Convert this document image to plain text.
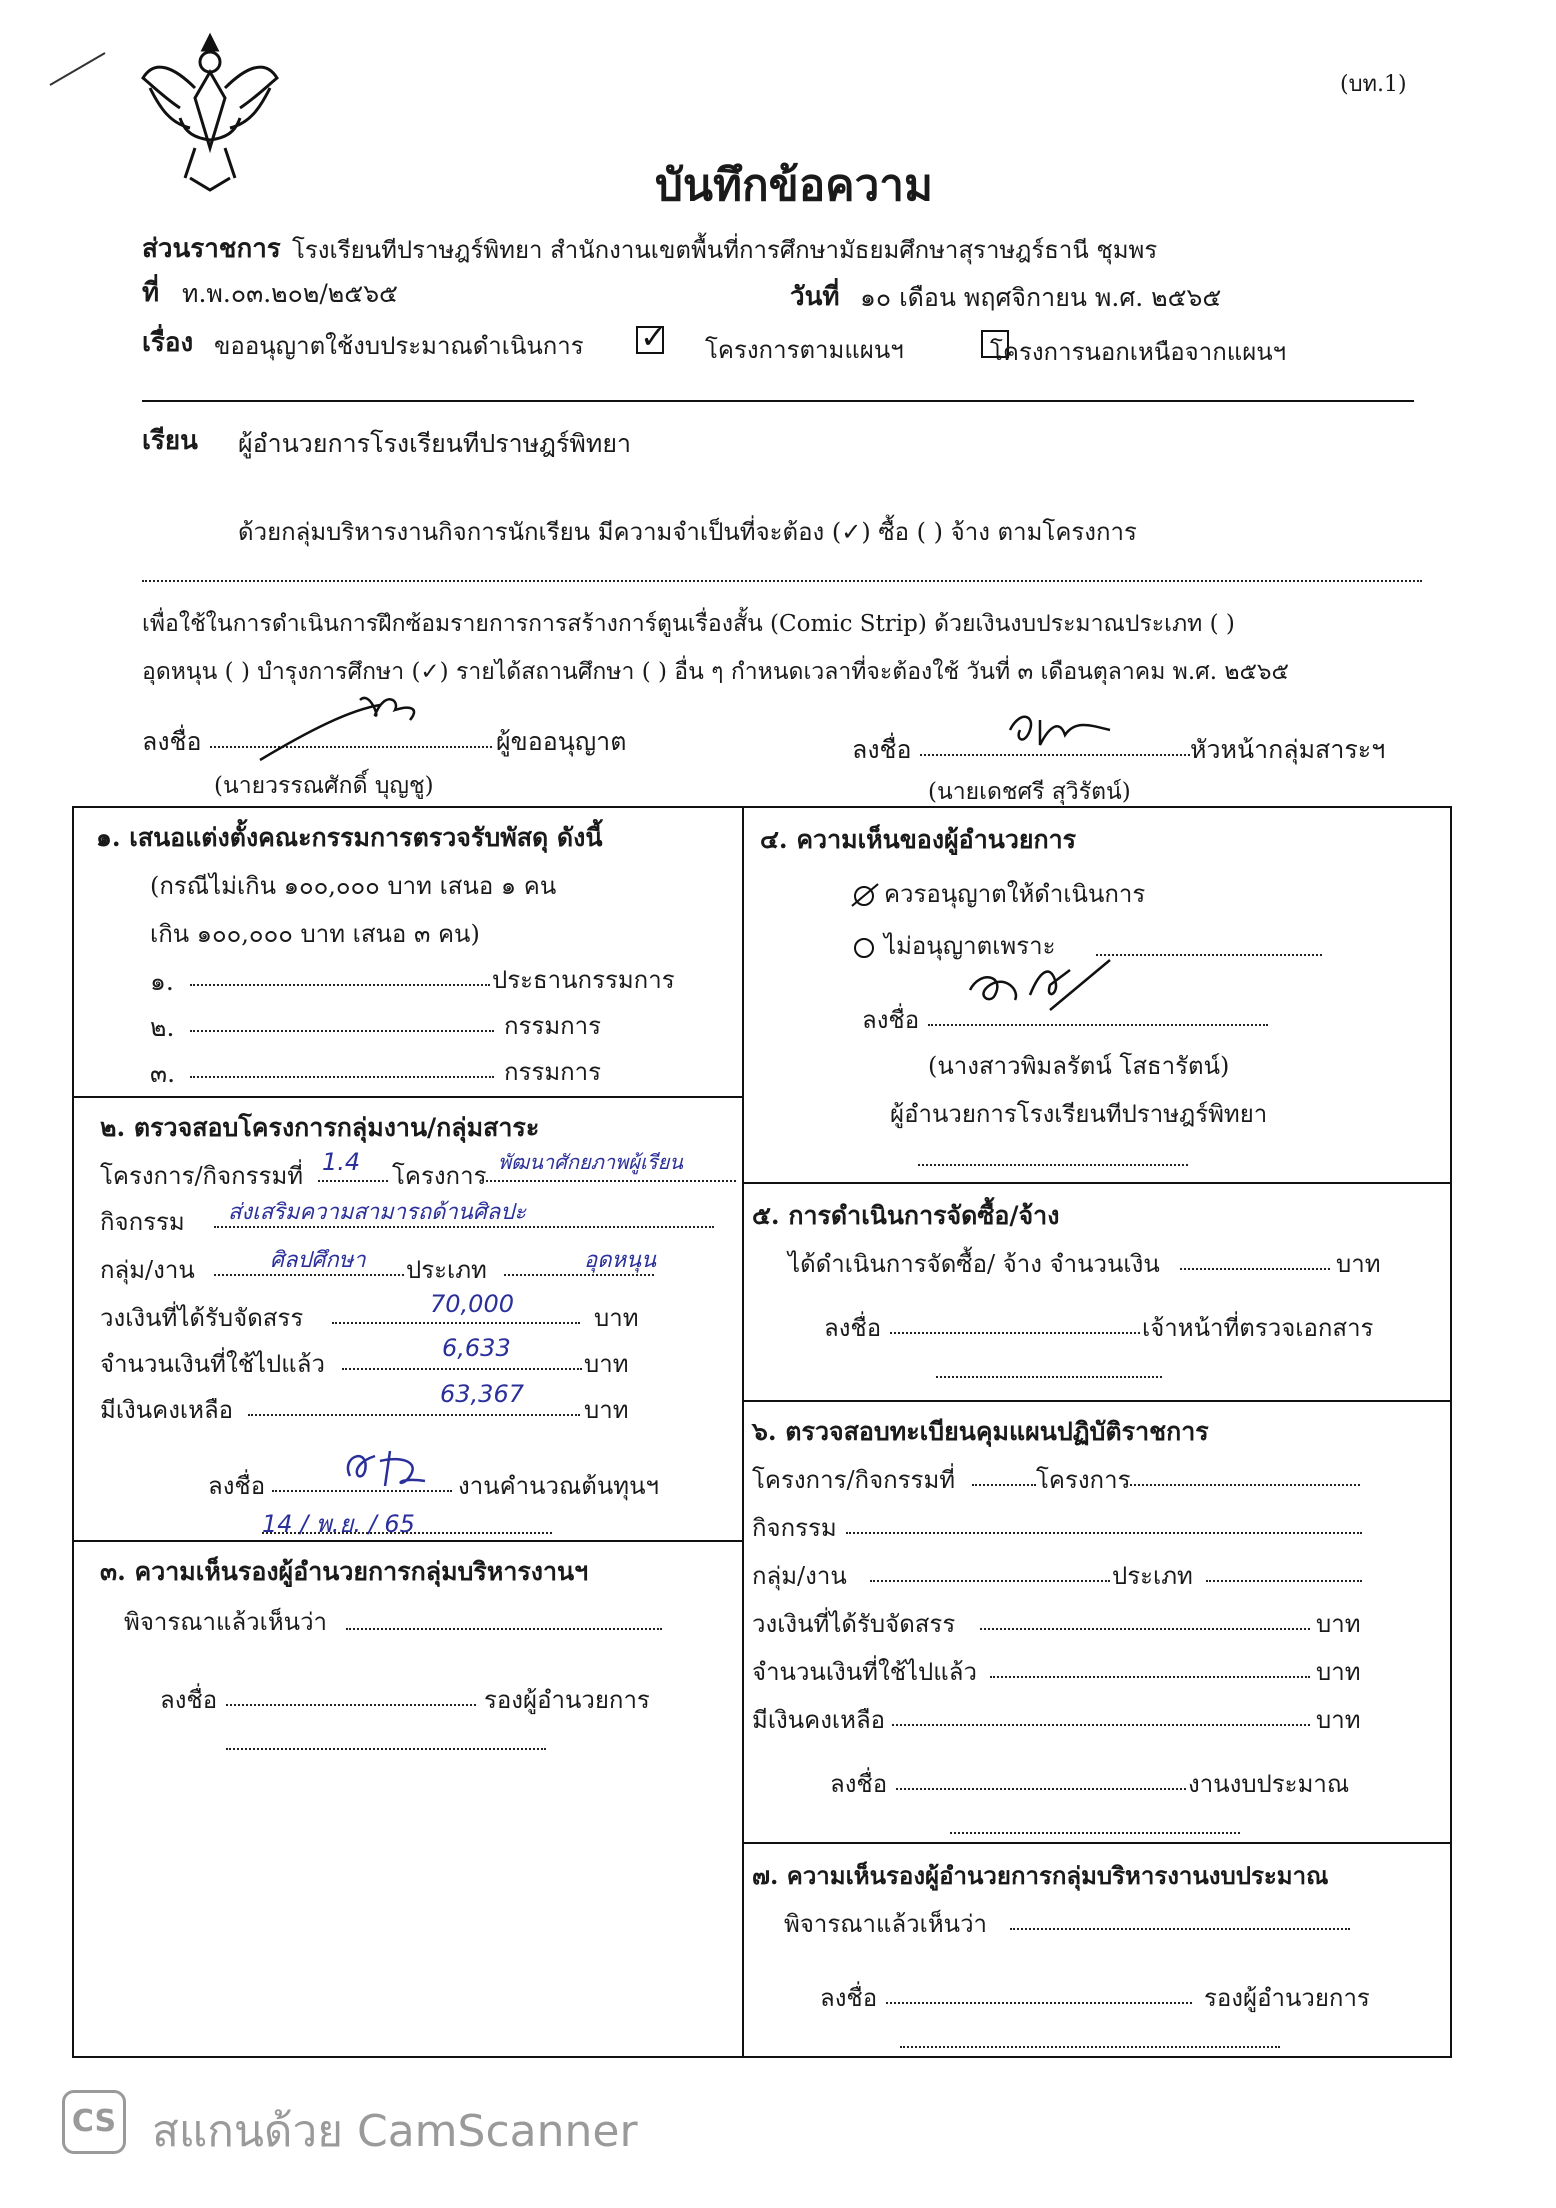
(บท.1)
บันทึกข้อความ
ส่วนราชการ โรงเรียนทีปราษฎร์พิทยา สำนักงานเขตพื้นที่การศึกษามัธยมศึกษาสุราษฎร์ธานี ชุมพร
ที่ ท.พ.๐๓.๒๐๒/๒๕๖๕	วันที่ ๑๐ เดือน พฤศจิกายน พ.ศ. ๒๕๖๕
เรื่อง ขออนุญาตใช้งบประมาณดำเนินการ
✓	โครงการตามแผนฯ	โครงการนอกเหนือจากแผนฯ
เรียน ผู้อำนวยการโรงเรียนทีปราษฎร์พิทยา
ด้วยกลุ่มบริหารงานกิจการนักเรียน มีความจำเป็นที่จะต้อง (✓) ซื้อ ( ) จ้าง ตามโครงการ
เพื่อใช้ในการดำเนินการฝึกซ้อมรายการการสร้างการ์ตูนเรื่องสั้น (Comic Strip) ด้วยเงินงบประมาณประเภท ( )
อุดหนุน ( ) บำรุงการศึกษา (✓) รายได้สถานศึกษา ( ) อื่น ๆ กำหนดเวลาที่จะต้องใช้ วันที่ ๓ เดือนตุลาคม พ.ศ. ๒๕๖๕
ลงชื่อ	ผู้ขออนุญาต
(นายวรรณศักดิ์ บุญชู)
ลงชื่อ	หัวหน้ากลุ่มสาระฯ
(นายเดชศรี สุวิรัตน์)
๑. เสนอแต่งตั้งคณะกรรมการตรวจรับพัสดุ ดังนี้
(กรณีไม่เกิน ๑๐๐,๐๐๐ บาท เสนอ ๑ คน
เกิน ๑๐๐,๐๐๐ บาท เสนอ ๓ คน)
๑.	ประธานกรรมการ
๒.	กรรมการ
๓.	กรรมการ
๒. ตรวจสอบโครงการกลุ่มงาน/กลุ่มสาระ
โครงการ/กิจกรรมที่ 1.4 โครงการ พัฒนาศักยภาพผู้เรียน
กิจกรรม ส่งเสริมความสามารถด้านศิลปะ
กลุ่ม/งาน	ศิลปศึกษา ประเภท	อุดหนุน
วงเงินที่ได้รับจัดสรร	70,000	บาท
จำนวนเงินที่ใช้ไปแล้ว
6,633
บาท
มีเงินคงเหลือ
63,367
บาท
ลงชื่อ	งานคำนวณต้นทุนฯ
14 / พ.ย. / 65
๓. ความเห็นรองผู้อำนวยการกลุ่มบริหารงานฯ
พิจารณาแล้วเห็นว่า
ลงชื่อ	รองผู้อำนวยการ
๔. ความเห็นของผู้อำนวยการ
ควรอนุญาตให้ดำเนินการ
ไม่อนุญาตเพราะ
ลงชื่อ
(นางสาวพิมลรัตน์ โสธารัตน์)
ผู้อำนวยการโรงเรียนทีปราษฎร์พิทยา
๕. การดำเนินการจัดซื้อ/จ้าง
ได้ดำเนินการจัดซื้อ/ จ้าง จำนวนเงิน	บาท
ลงชื่อ	เจ้าหน้าที่ตรวจเอกสาร
๖. ตรวจสอบทะเบียนคุมแผนปฏิบัติราชการ
โครงการ/กิจกรรมที่	โครงการ
กิจกรรม
กลุ่ม/งาน	ประเภท
วงเงินที่ได้รับจัดสรร	บาท
จำนวนเงินที่ใช้ไปแล้ว	บาท
มีเงินคงเหลือ	บาท
ลงชื่อ	งานงบประมาณ
๗. ความเห็นรองผู้อำนวยการกลุ่มบริหารงานงบประมาณ
พิจารณาแล้วเห็นว่า
ลงชื่อ	รองผู้อำนวยการ
CS สแกนด้วย CamScanner
